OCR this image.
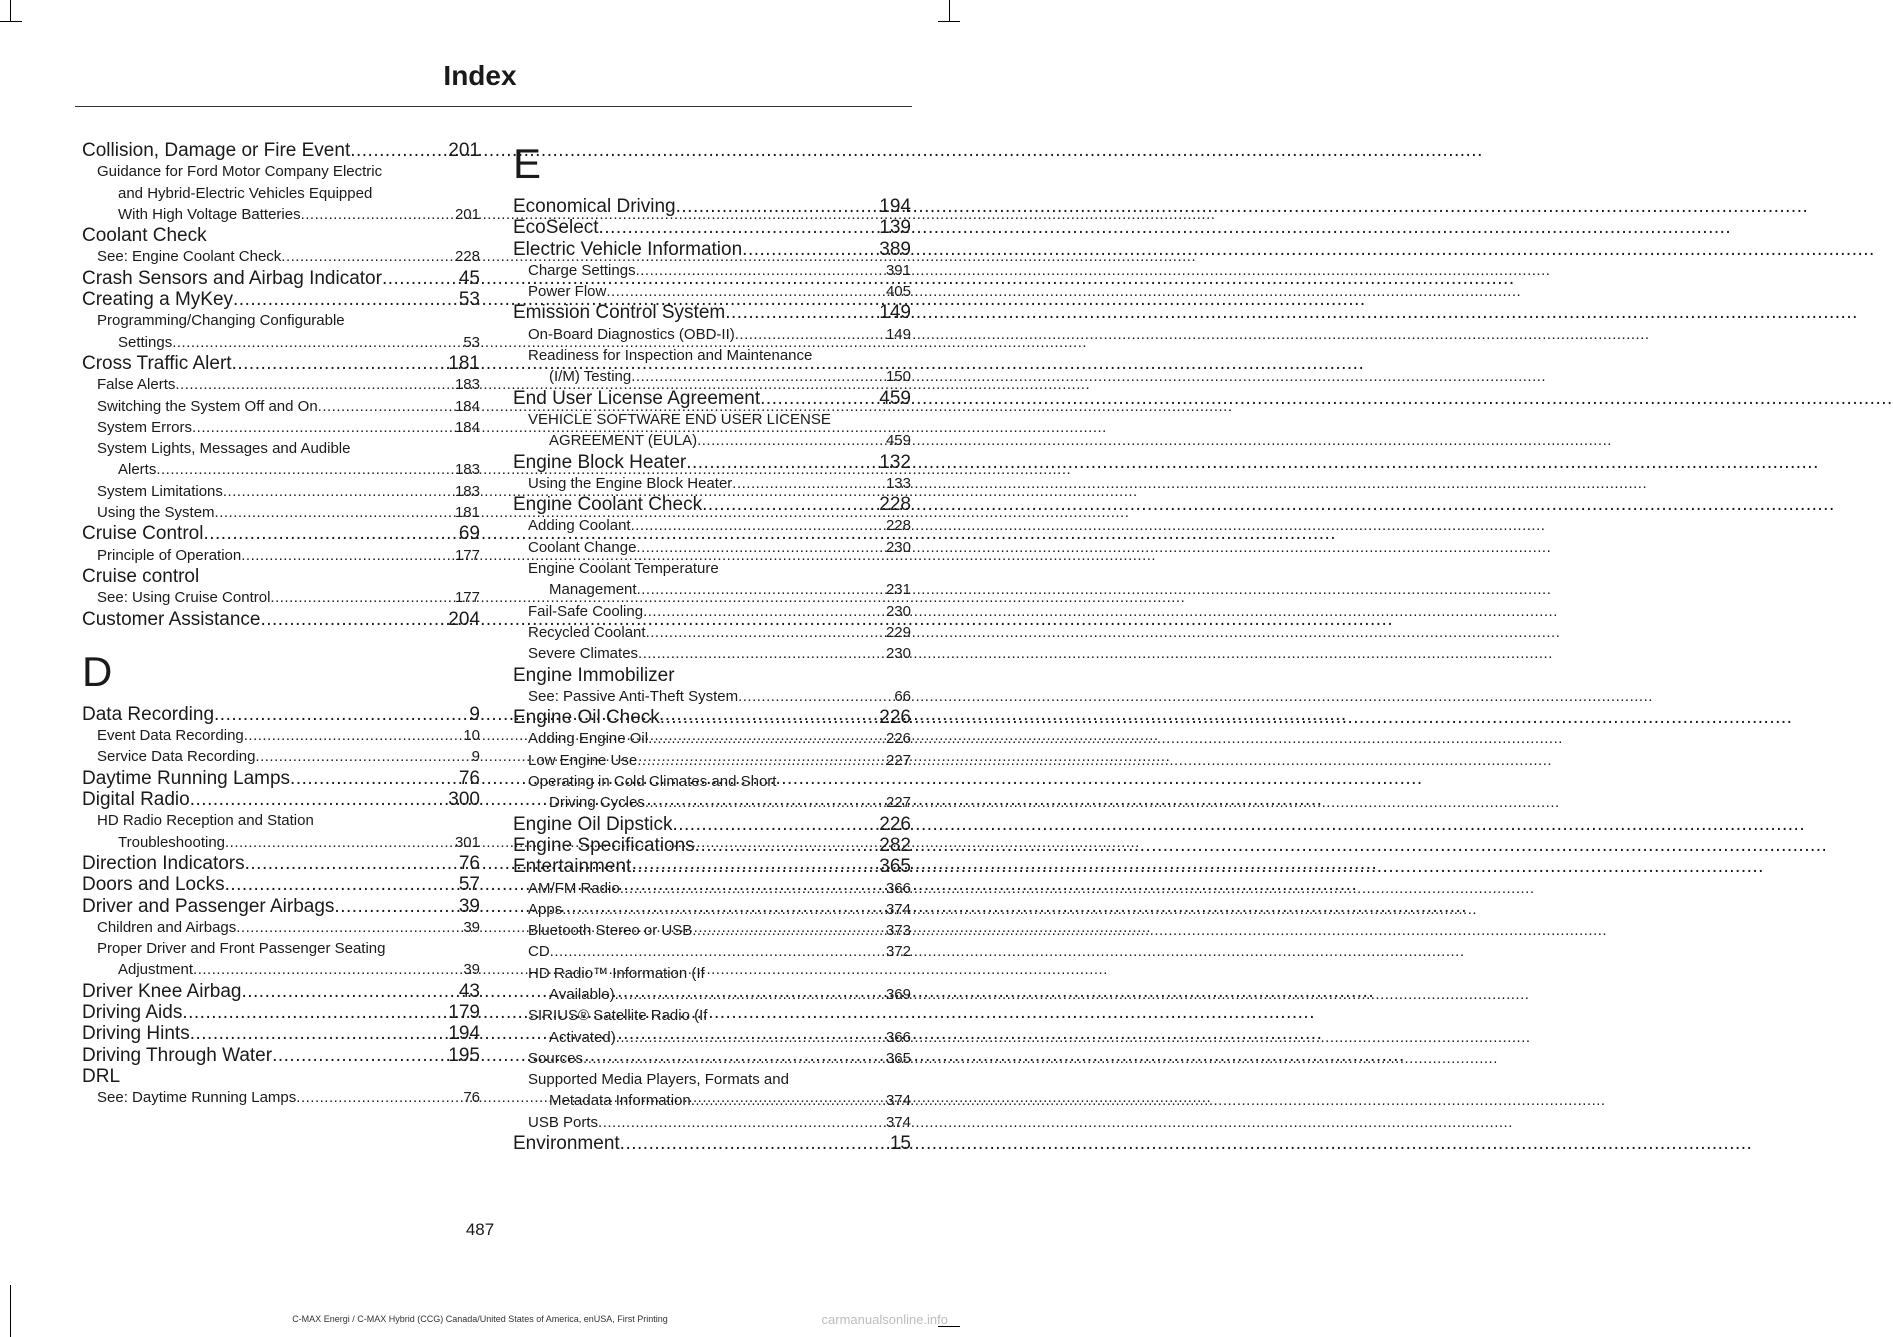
Index
Collision, Damage or Fire Event .....	201
Guidance for Ford Motor Company Electric
and Hybrid-Electric Vehicles Equipped
With High Voltage Batteries .....	201
Coolant Check
See: Engine Coolant Check .....	228
Crash Sensors and Airbag Indicator .....	45
Creating a MyKey .....	53
Programming/Changing Configurable
Settings .....	53
Cross Traffic Alert .....	181
False Alerts .....	183
Switching the System Off and On .....	184
System Errors .....	184
System Lights, Messages and Audible
Alerts .....	183
System Limitations .....	183
Using the System .....	181
Cruise Control .....	69
Principle of Operation .....	177
Cruise control
See: Using Cruise Control .....	177
Customer Assistance .....	204
D
Data Recording .....	9
Event Data Recording .....	10
Service Data Recording .....	9
Daytime Running Lamps .....	76
Digital Radio .....	300
HD Radio Reception and Station
Troubleshooting .....	301
Direction Indicators .....	76
Doors and Locks .....	57
Driver and Passenger Airbags .....	39
Children and Airbags .....	39
Proper Driver and Front Passenger Seating
Adjustment .....	39
Driver Knee Airbag .....	43
Driving Aids .....	179
Driving Hints .....	194
Driving Through Water .....	195
DRL
See: Daytime Running Lamps .....	76
E
Economical Driving .....	194
EcoSelect .....	139
Electric Vehicle Information .....	389
Charge Settings .....	391
Power Flow .....	405
Emission Control System .....	149
On-Board Diagnostics (OBD-II) .....	149
Readiness for Inspection and Maintenance
(I/M) Testing .....	150
End User License Agreement .....	459
VEHICLE SOFTWARE END USER LICENSE
AGREEMENT (EULA) .....	459
Engine Block Heater .....	132
Using the Engine Block Heater .....	133
Engine Coolant Check .....	228
Adding Coolant .....	228
Coolant Change .....	230
Engine Coolant Temperature
Management .....	231
Fail-Safe Cooling .....	230
Recycled Coolant .....	229
Severe Climates .....	230
Engine Immobilizer
See: Passive Anti-Theft System .....	66
Engine Oil Check .....	226
Adding Engine Oil .....	226
Low Engine Use .....	227
Operating in Cold Climates and Short
Driving Cycles .....	227
Engine Oil Dipstick .....	226
Engine Specifications .....	282
Entertainment .....	365
AM/FM Radio .....	366
Apps .....	374
Bluetooth Stereo or USB .....	373
CD .....	372
HD Radio™ Information (If
Available) .....	369
SIRIUS® Satellite Radio (If
Activated) .....	366
Sources .....	365
Supported Media Players, Formats and
Metadata Information .....	374
USB Ports .....	374
Environment .....	15
487
C-MAX Energi / C-MAX Hybrid (CCG) Canada/United States of America, enUSA, First Printing	carmanualsonline.info
